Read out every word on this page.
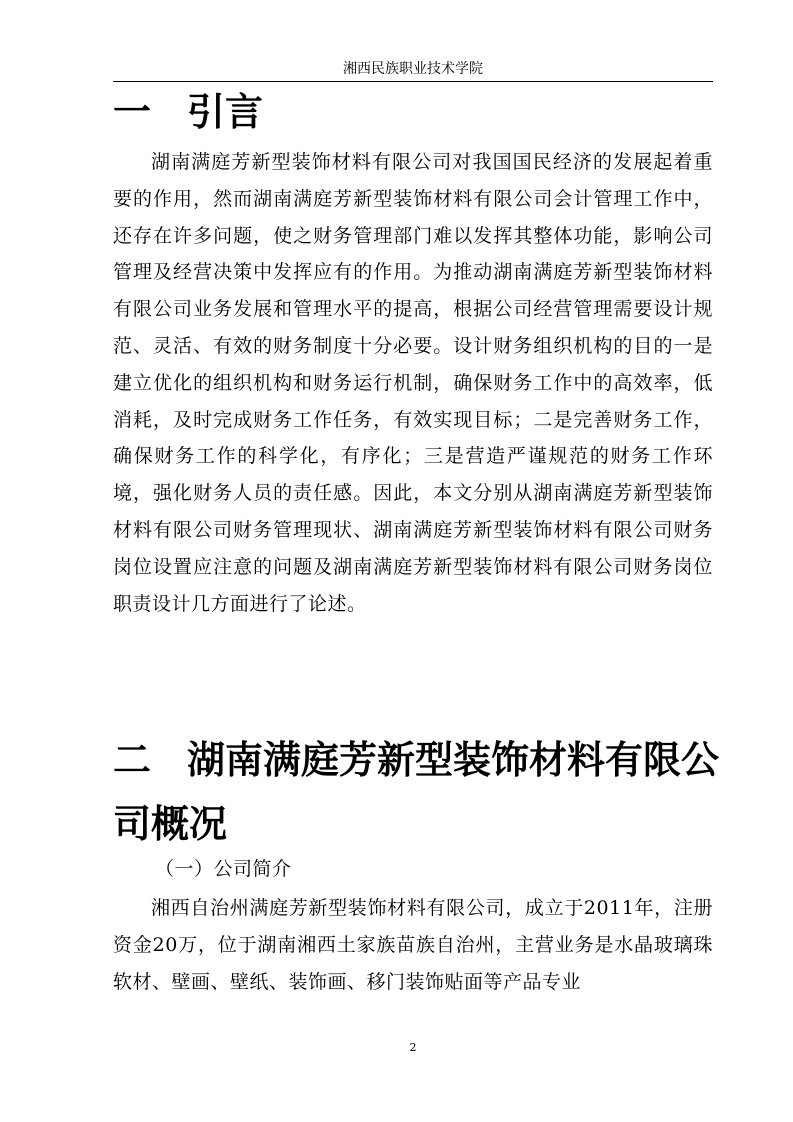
湘西民族职业技术学院
一 引言
湖南满庭芳新型装饰材料有限公司对我国国民经济的发展起着重要的作用，然而湖南满庭芳新型装饰材料有限公司会计管理工作中，还存在许多问题，使之财务管理部门难以发挥其整体功能，影响公司管理及经营决策中发挥应有的作用。为推动湖南满庭芳新型装饰材料有限公司业务发展和管理水平的提高，根据公司经营管理需要设计规范、灵活、有效的财务制度十分必要。设计财务组织机构的目的一是建立优化的组织机构和财务运行机制，确保财务工作中的高效率，低消耗，及时完成财务工作任务，有效实现目标；二是完善财务工作，确保财务工作的科学化，有序化；三是营造严谨规范的财务工作环境，强化财务人员的责任感。因此，本文分别从湖南满庭芳新型装饰材料有限公司财务管理现状、湖南满庭芳新型装饰材料有限公司财务岗位设置应注意的问题及湖南满庭芳新型装饰材料有限公司财务岗位职责设计几方面进行了论述。
二 湖南满庭芳新型装饰材料有限公司概况
（一）公司简介
湘西自治州满庭芳新型装饰材料有限公司，成立于2011年，注册资金20万，位于湖南湘西土家族苗族自治州，主营业务是水晶玻璃珠软材、壁画、壁纸、装饰画、移门装饰贴面等产品专业
2
